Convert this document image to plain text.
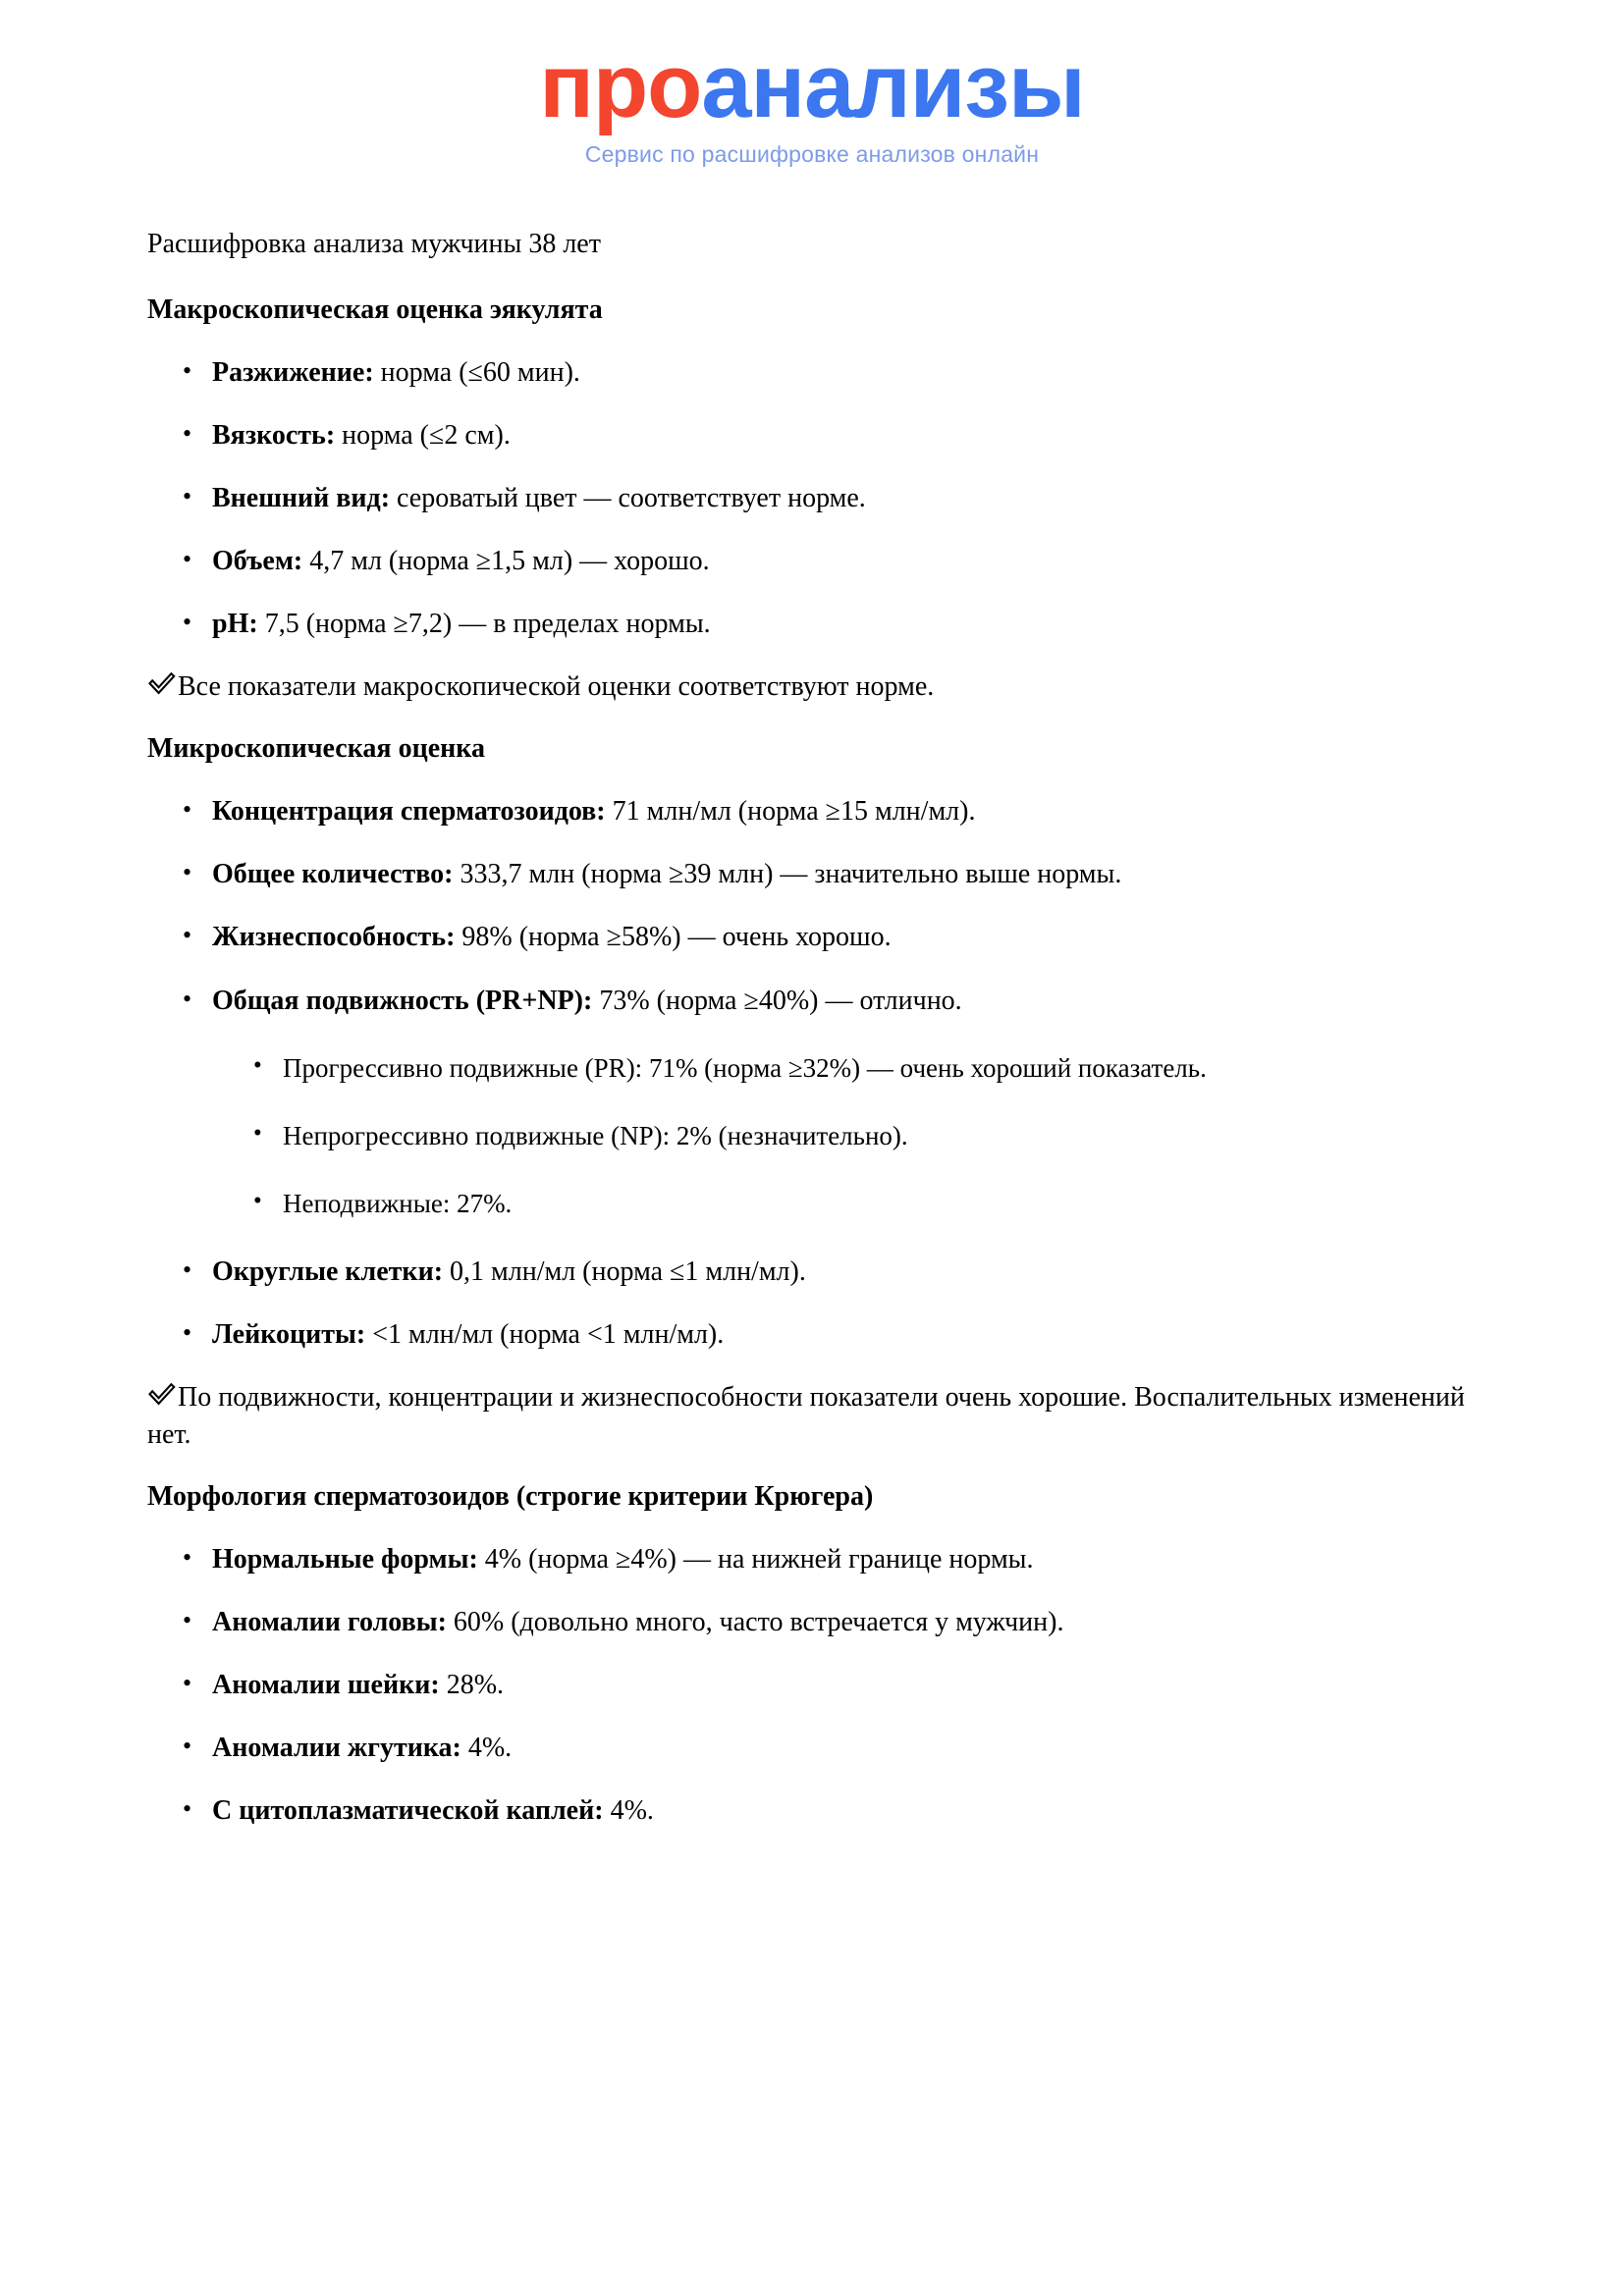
проанализы
Сервис по расшифровке анализов онлайн

Расшифровка анализа мужчины 38 лет

Макроскопическая оценка эякулята
• Разжижение: норма (≤60 мин).
• Вязкость: норма (≤2 см).
• Внешний вид: сероватый цвет — соответствует норме.
• Объем: 4,7 мл (норма ≥1,5 мл) — хорошо.
• pH: 7,5 (норма ≥7,2) — в пределах нормы.

Все показатели макроскопической оценки соответствуют норме.

Микроскопическая оценка
• Концентрация сперматозоидов: 71 млн/мл (норма ≥15 млн/мл).
• Общее количество: 333,7 млн (норма ≥39 млн) — значительно выше нормы.
• Жизнеспособность: 98% (норма ≥58%) — очень хорошо.
• Общая подвижность (PR+NP): 73% (норма ≥40%) — отлично.
• Прогрессивно подвижные (PR): 71% (норма ≥32%) — очень хороший показатель.
• Непрогрессивно подвижные (NP): 2% (незначительно).
• Неподвижные: 27%.
• Округлые клетки: 0,1 млн/мл (норма ≤1 млн/мл).
• Лейкоциты: <1 млн/мл (норма <1 млн/мл).

По подвижности, концентрации и жизнеспособности показатели очень хорошие. Воспалительных изменений нет.

Морфология сперматозоидов (строгие критерии Крюгера)
• Нормальные формы: 4% (норма ≥4%) — на нижней границе нормы.
• Аномалии головы: 60% (довольно много, часто встречается у мужчин).
• Аномалии шейки: 28%.
• Аномалии жгутика: 4%.
• С цитоплазматической каплей: 4%.
